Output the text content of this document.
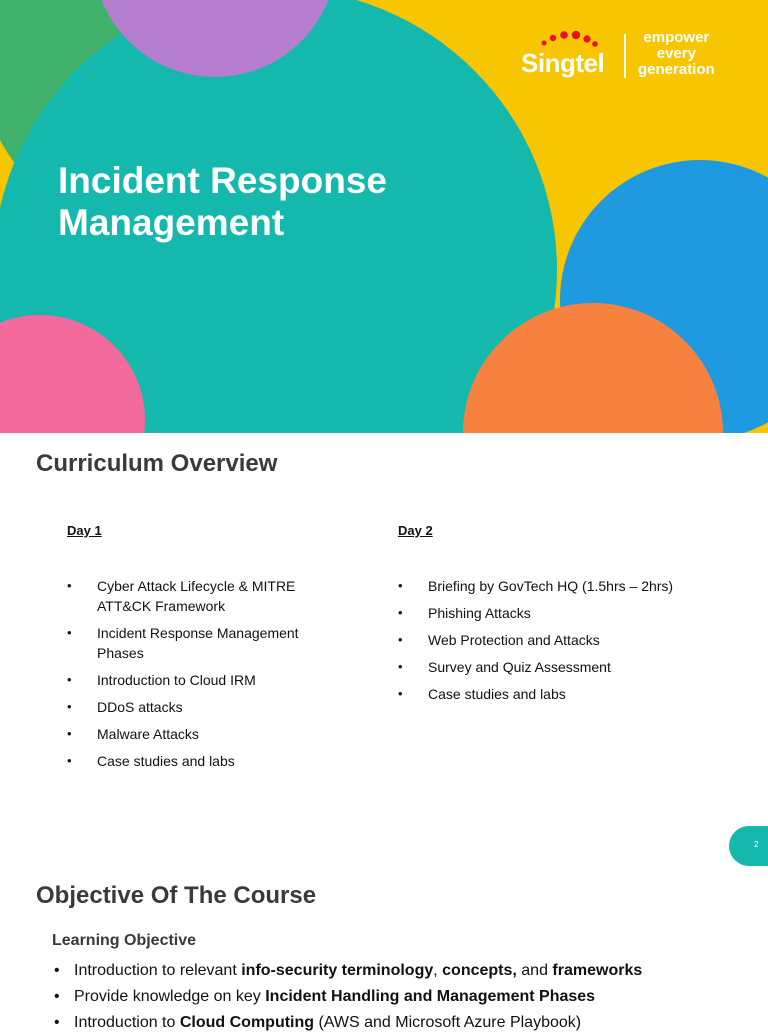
Singtel
empower
every
generation
Incident Response
Management
Curriculum Overview

Day 1

• Cyber Attack Lifecycle & MITRE ATT&CK Framework
• Incident Response Management Phases
• Introduction to Cloud IRM
• DDoS attacks
• Malware Attacks
• Case studies and labs

Day 2

• Briefing by GovTech HQ (1.5hrs – 2hrs)
• Phishing Attacks
• Web Protection and Attacks
• Survey and Quiz Assessment
• Case studies and labs
2
Objective Of The Course

Learning Objective

• Introduction to relevant info-security terminology, concepts, and frameworks
• Provide knowledge on key Incident Handling and Management Phases
• Introduction to Cloud Computing (AWS and Microsoft Azure Playbook)
